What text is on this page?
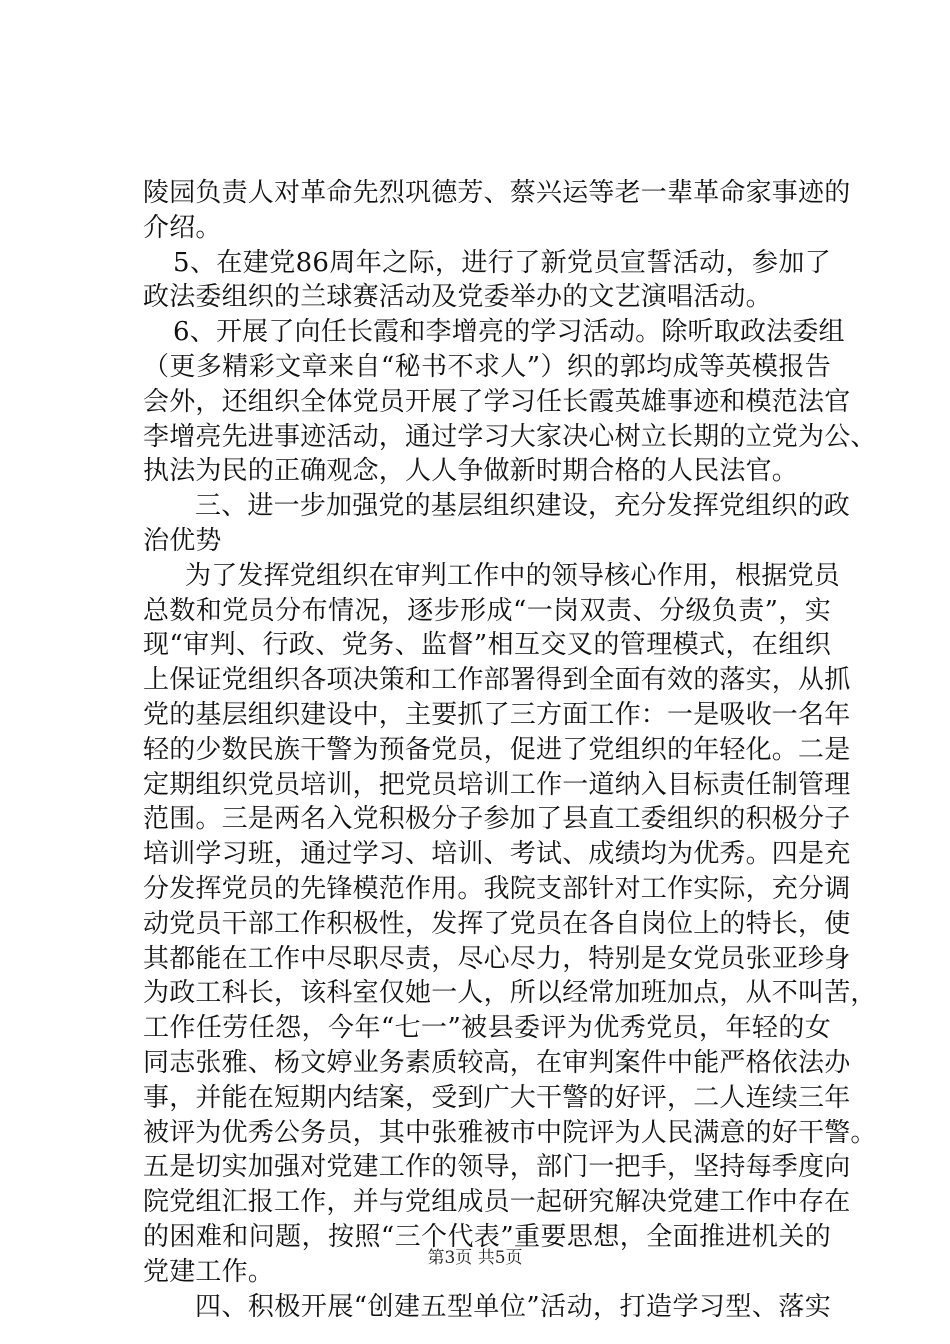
陵园负责人对革命先烈巩德芳、蔡兴运等老一辈革命家事迹的
介绍。
5、在建党86周年之际，进行了新党员宣誓活动，参加了
政法委组织的兰球赛活动及党委举办的文艺演唱活动。
6、开展了向任长霞和李增亮的学习活动。除听取政法委组
（更多精彩文章来自“秘书不求人”）织的郭均成等英模报告
会外，还组织全体党员开展了学习任长霞英雄事迹和模范法官
李增亮先进事迹活动，通过学习大家决心树立长期的立党为公、
执法为民的正确观念，人人争做新时期合格的人民法官。
三、进一步加强党的基层组织建设，充分发挥党组织的政
治优势
为了发挥党组织在审判工作中的领导核心作用，根据党员
总数和党员分布情况，逐步形成“一岗双责、分级负责”，实
现“审判、行政、党务、监督”相互交叉的管理模式，在组织
上保证党组织各项决策和工作部署得到全面有效的落实，从抓
党的基层组织建设中，主要抓了三方面工作：一是吸收一名年
轻的少数民族干警为预备党员，促进了党组织的年轻化。二是
定期组织党员培训，把党员培训工作一道纳入目标责任制管理
范围。三是两名入党积极分子参加了县直工委组织的积极分子
培训学习班，通过学习、培训、考试、成绩均为优秀。四是充
分发挥党员的先锋模范作用。我院支部针对工作实际，充分调
动党员干部工作积极性，发挥了党员在各自岗位上的特长，使
其都能在工作中尽职尽责，尽心尽力，特别是女党员张亚珍身
为政工科长，该科室仅她一人，所以经常加班加点，从不叫苦，
工作任劳任怨，今年“七一”被县委评为优秀党员，年轻的女
同志张雅、杨文婷业务素质较高，在审判案件中能严格依法办
事，并能在短期内结案，受到广大干警的好评，二人连续三年
被评为优秀公务员，其中张雅被市中院评为人民满意的好干警。
五是切实加强对党建工作的领导，部门一把手，坚持每季度向
院党组汇报工作，并与党组成员一起研究解决党建工作中存在
的困难和问题，按照“三个代表”重要思想，全面推进机关的
党建工作。
四、积极开展“创建五型单位”活动，打造学习型、落实
第3页 共5页
